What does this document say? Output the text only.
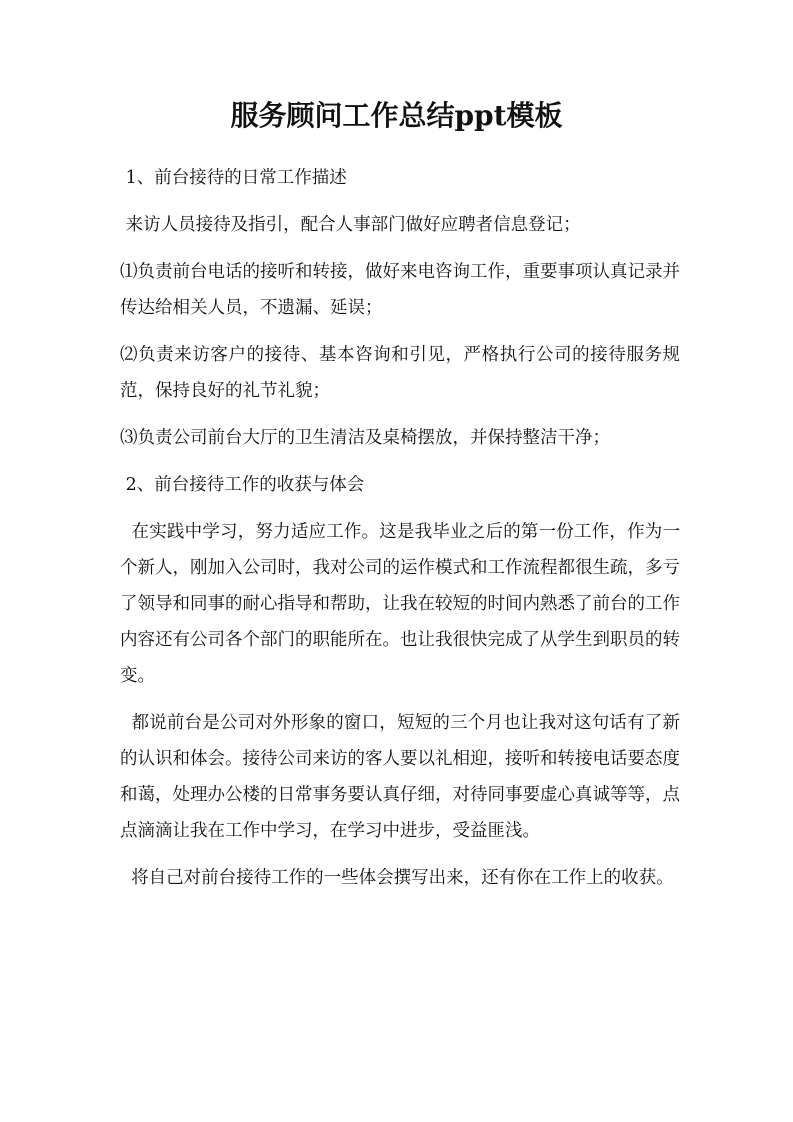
服务顾问工作总结ppt模板

1、前台接待的日常工作描述

来访人员接待及指引，配合人事部门做好应聘者信息登记；

⑴负责前台电话的接听和转接，做好来电咨询工作，重要事项认真记录并传达给相关人员，不遗漏、延误；

⑵负责来访客户的接待、基本咨询和引见，严格执行公司的接待服务规范，保持良好的礼节礼貌；

⑶负责公司前台大厅的卫生清洁及桌椅摆放，并保持整洁干净；

2、前台接待工作的收获与体会

在实践中学习，努力适应工作。这是我毕业之后的第一份工作，作为一个新人，刚加入公司时，我对公司的运作模式和工作流程都很生疏，多亏了领导和同事的耐心指导和帮助，让我在较短的时间内熟悉了前台的工作内容还有公司各个部门的职能所在。也让我很快完成了从学生到职员的转变。

都说前台是公司对外形象的窗口，短短的三个月也让我对这句话有了新的认识和体会。接待公司来访的客人要以礼相迎，接听和转接电话要态度和蔼，处理办公楼的日常事务要认真仔细，对待同事要虚心真诚等等，点点滴滴让我在工作中学习，在学习中进步，受益匪浅。

将自己对前台接待工作的一些体会撰写出来，还有你在工作上的收获。
